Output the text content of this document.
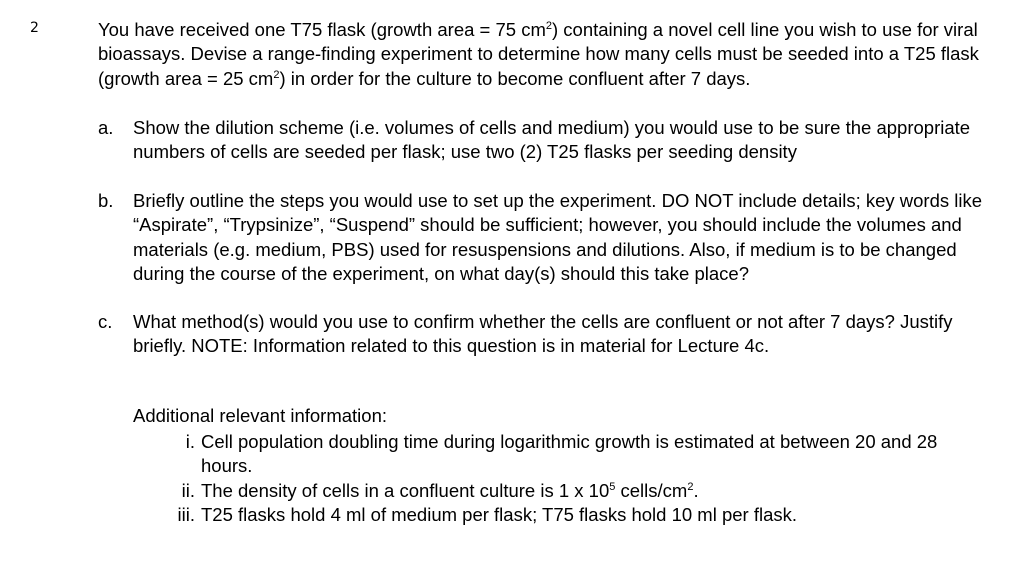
2	You have received one T75 flask (growth area = 75 $cm^2$) containing a novel cell line you wish to use for viral bioassays. Devise a range-finding experiment to determine how many cells must be seeded into a T25 flask (growth area = 25 $cm^2$) in order for the culture to become confluent after 7 days.
a.	Show the dilution scheme (i.e. volumes of cells and medium) you would use to be sure the appropriate numbers of cells are seeded per flask; use two (2) T25 flasks per seeding density
b.	Briefly outline the steps you would use to set up the experiment. DO NOT include details; key words like “Aspirate”, “Trypsinize”, “Suspend” should be sufficient; however, you should include the volumes and materials (e.g. medium, PBS) used for resuspensions and dilutions. Also, if medium is to be changed during the course of the experiment, on what day(s) should this take place?
c.	What method(s) would you use to confirm whether the cells are confluent or not after 7 days? Justify briefly. NOTE: Information related to this question is in material for Lecture 4c.
Additional relevant information:
i. Cell population doubling time during logarithmic growth is estimated at between 20 and 28 hours.
ii. The density of cells in a confluent culture is 1 x $10^5$ cells/$cm^2$.
iii. T25 flasks hold 4 ml of medium per flask; T75 flasks hold 10 ml per flask.
